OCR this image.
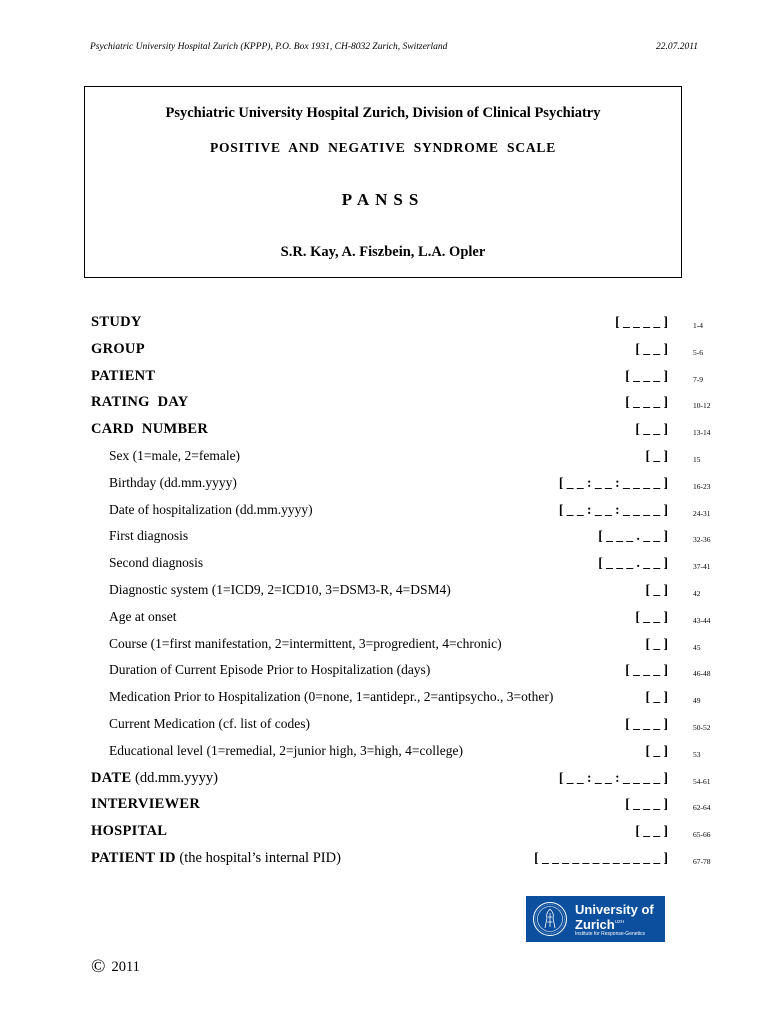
Psychiatric University Hospital Zurich (KPPP), P.O. Box 1931, CH-8032 Zurich, Switzerland	22.07.2011
Psychiatric University Hospital Zurich, Division of Clinical Psychiatry
POSITIVE AND NEGATIVE SYNDROME SCALE
PANSS
S.R. Kay, A. Fiszbein, L.A. Opler
STUDY	[ _ _ _ _ ]	1-4
GROUP	[ _ _ ]	5-6
PATIENT	[ _ _ _ ]	7-9
RATING  DAY	[ _ _ _ ]	10-12
CARD  NUMBER	[ _ _ ]	13-14
Sex (1=male, 2=female)	[ _ ]	15
Birthday (dd.mm.yyyy)	[ _ _ : _ _ : _ _ _ _ ]	16-23
Date of hospitalization (dd.mm.yyyy)	[ _ _ : _ _ : _ _ _ _ ]	24-31
First diagnosis	[ _ _ _ . _ _ ]	32-36
Second diagnosis	[ _ _ _ . _ _ ]	37-41
Diagnostic system (1=ICD9, 2=ICD10, 3=DSM3-R, 4=DSM4)	[ _ ]	42
Age at onset	[ _ _ ]	43-44
Course (1=first manifestation, 2=intermittent, 3=progredient, 4=chronic)	[ _ ]	45
Duration of Current Episode Prior to Hospitalization (days)	[ _ _ _ ]	46-48
Medication Prior to Hospitalization (0=none, 1=antidepr., 2=antipsycho., 3=other)	[ _ ]	49
Current Medication (cf. list of codes)	[ _ _ _ ]	50-52
Educational level (1=remedial, 2=junior high, 3=high, 4=college)	[ _ ]	53
DATE (dd.mm.yyyy)	[ _ _ : _ _ : _ _ _ _ ]	54-61
INTERVIEWER	[ _ _ _ ]	62-64
HOSPITAL	[ _ _ ]	65-66
PATIENT ID (the hospital’s internal PID)	[ _ _ _ _ _ _ _ _ _ _ _ _ ]	67-78
University of
Zurich$^{UZH}$
Institute for Response-Genetics
© 2011
